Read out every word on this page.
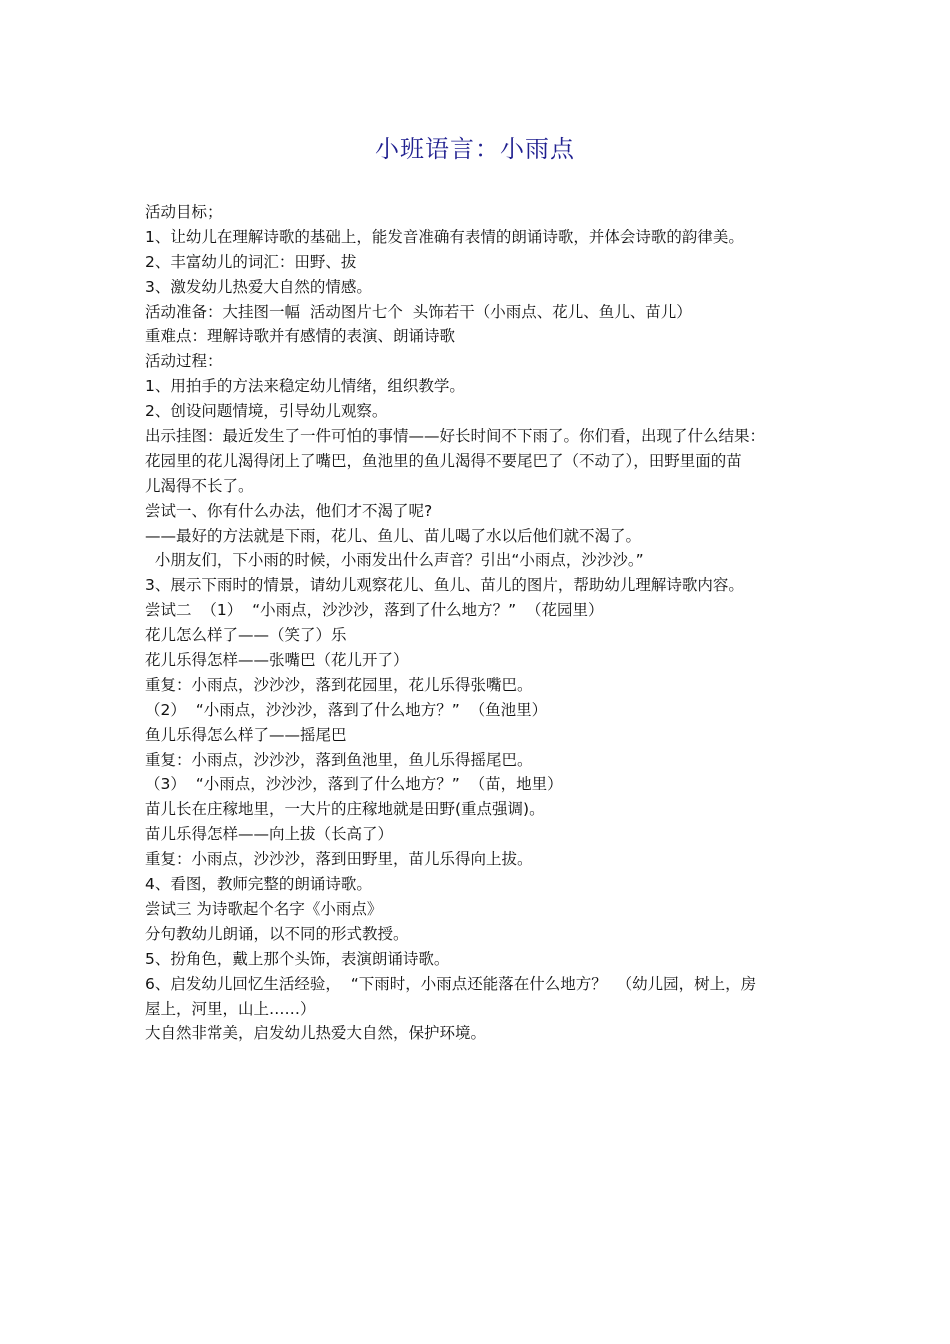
小班语言：小雨点
活动目标；
1、让幼儿在理解诗歌的基础上，能发音准确有表情的朗诵诗歌，并体会诗歌的韵律美。
2、丰富幼儿的词汇：田野、拔
3、激发幼儿热爱大自然的情感。
活动准备：大挂图一幅  活动图片七个  头饰若干（小雨点、花儿、鱼儿、苗儿）
重难点：理解诗歌并有感情的表演、朗诵诗歌
活动过程：
1、用拍手的方法来稳定幼儿情绪，组织教学。
2、创设问题情境，引导幼儿观察。
出示挂图：最近发生了一件可怕的事情——好长时间不下雨了。你们看，出现了什么结果：
花园里的花儿渴得闭上了嘴巴，鱼池里的鱼儿渴得不要尾巴了（不动了），田野里面的苗
儿渴得不长了。
尝试一、你有什么办法，他们才不渴了呢?
——最好的方法就是下雨，花儿、鱼儿、苗儿喝了水以后他们就不渴了。
小朋友们，下小雨的时候，小雨发出什么声音？引出“小雨点，沙沙沙。”
3、展示下雨时的情景，请幼儿观察花儿、鱼儿、苗儿的图片，帮助幼儿理解诗歌内容。
尝试二  （1）  “小雨点，沙沙沙，落到了什么地方？”  （花园里）
花儿怎么样了——（笑了）乐
花儿乐得怎样——张嘴巴（花儿开了）
重复：小雨点，沙沙沙，落到花园里，花儿乐得张嘴巴。
（2）  “小雨点，沙沙沙，落到了什么地方？”  （鱼池里）
鱼儿乐得怎么样了——摇尾巴
重复：小雨点，沙沙沙，落到鱼池里，鱼儿乐得摇尾巴。
（3）  “小雨点，沙沙沙，落到了什么地方？”  （苗，地里）
苗儿长在庄稼地里，一大片的庄稼地就是田野(重点强调)。
苗儿乐得怎样——向上拔（长高了）
重复：小雨点，沙沙沙，落到田野里，苗儿乐得向上拔。
4、看图，教师完整的朗诵诗歌。
尝试三 为诗歌起个名字《小雨点》
分句教幼儿朗诵，以不同的形式教授。
5、扮角色，戴上那个头饰，表演朗诵诗歌。
6、启发幼儿回忆生活经验，  “下雨时，小雨点还能落在什么地方？  （幼儿园，树上，房
屋上，河里，山上……）
大自然非常美，启发幼儿热爱大自然，保护环境。
